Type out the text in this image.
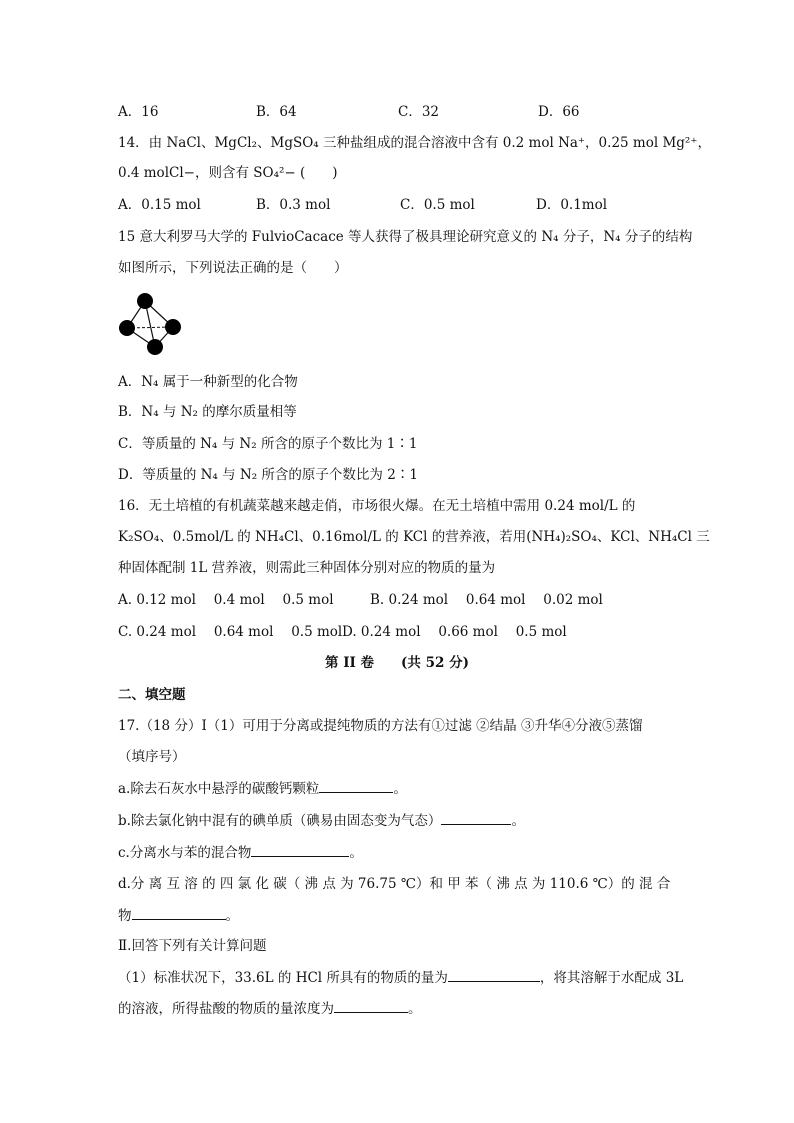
A．16	B．64	C．32	D．66
14．由 NaCl、MgCl₂、MgSO₄ 三种盐组成的混合溶液中含有 0.2 mol Na⁺，0.25 mol Mg²⁺，
0.4 molCl−，则含有 SO₄²− (　　)
A．0.15 mol	B．0.3 mol	C．0.5 mol	D．0.1mol
15 意大利罗马大学的 FulvioCacace 等人获得了极具理论研究意义的 N₄ 分子，N₄ 分子的结构
如图所示，下列说法正确的是（　　）
A．N₄ 属于一种新型的化合物
B．N₄ 与 N₂ 的摩尔质量相等
C．等质量的 N₄ 与 N₂ 所含的原子个数比为 1∶1
D．等质量的 N₄ 与 N₂ 所含的原子个数比为 2∶1
16．无土培植的有机蔬菜越来越走俏，市场很火爆。在无土培植中需用 0.24 mol/L 的
K₂SO₄、0.5mol/L 的 NH₄Cl、0.16mol/L 的 KCl 的营养液，若用(NH₄)₂SO₄、KCl、NH₄Cl 三
种固体配制 1L 营养液，则需此三种固体分别对应的物质的量为
A. 0.12 mol　 0.4 mol　 0.5 mol	B. 0.24 mol　 0.64 mol　 0.02 mol
C. 0.24 mol　 0.64 mol　 0.5 mol D. 0.24 mol　 0.66 mol　 0.5 mol
第 II 卷　　(共 52 分)
二、填空题
17.（18 分）Ⅰ（1）可用于分离或提纯物质的方法有①过滤 ②结晶 ③升华④分液⑤蒸馏
（填序号）
a.除去石灰水中悬浮的碳酸钙颗粒	。
b.除去氯化钠中混有的碘单质（碘易由固态变为气态）	。
c.分离水与苯的混合物	。
d.分 离 互 溶 的 四 氯 化 碳（ 沸 点 为 76.75 ℃）和 甲 苯（ 沸 点 为 110.6 ℃）的 混 合
物	。
Ⅱ.回答下列有关计算问题
（1）标准状况下，33.6L 的 HCl 所具有的物质的量为	，将其溶解于水配成 3L
的溶液，所得盐酸的物质的量浓度为	。
